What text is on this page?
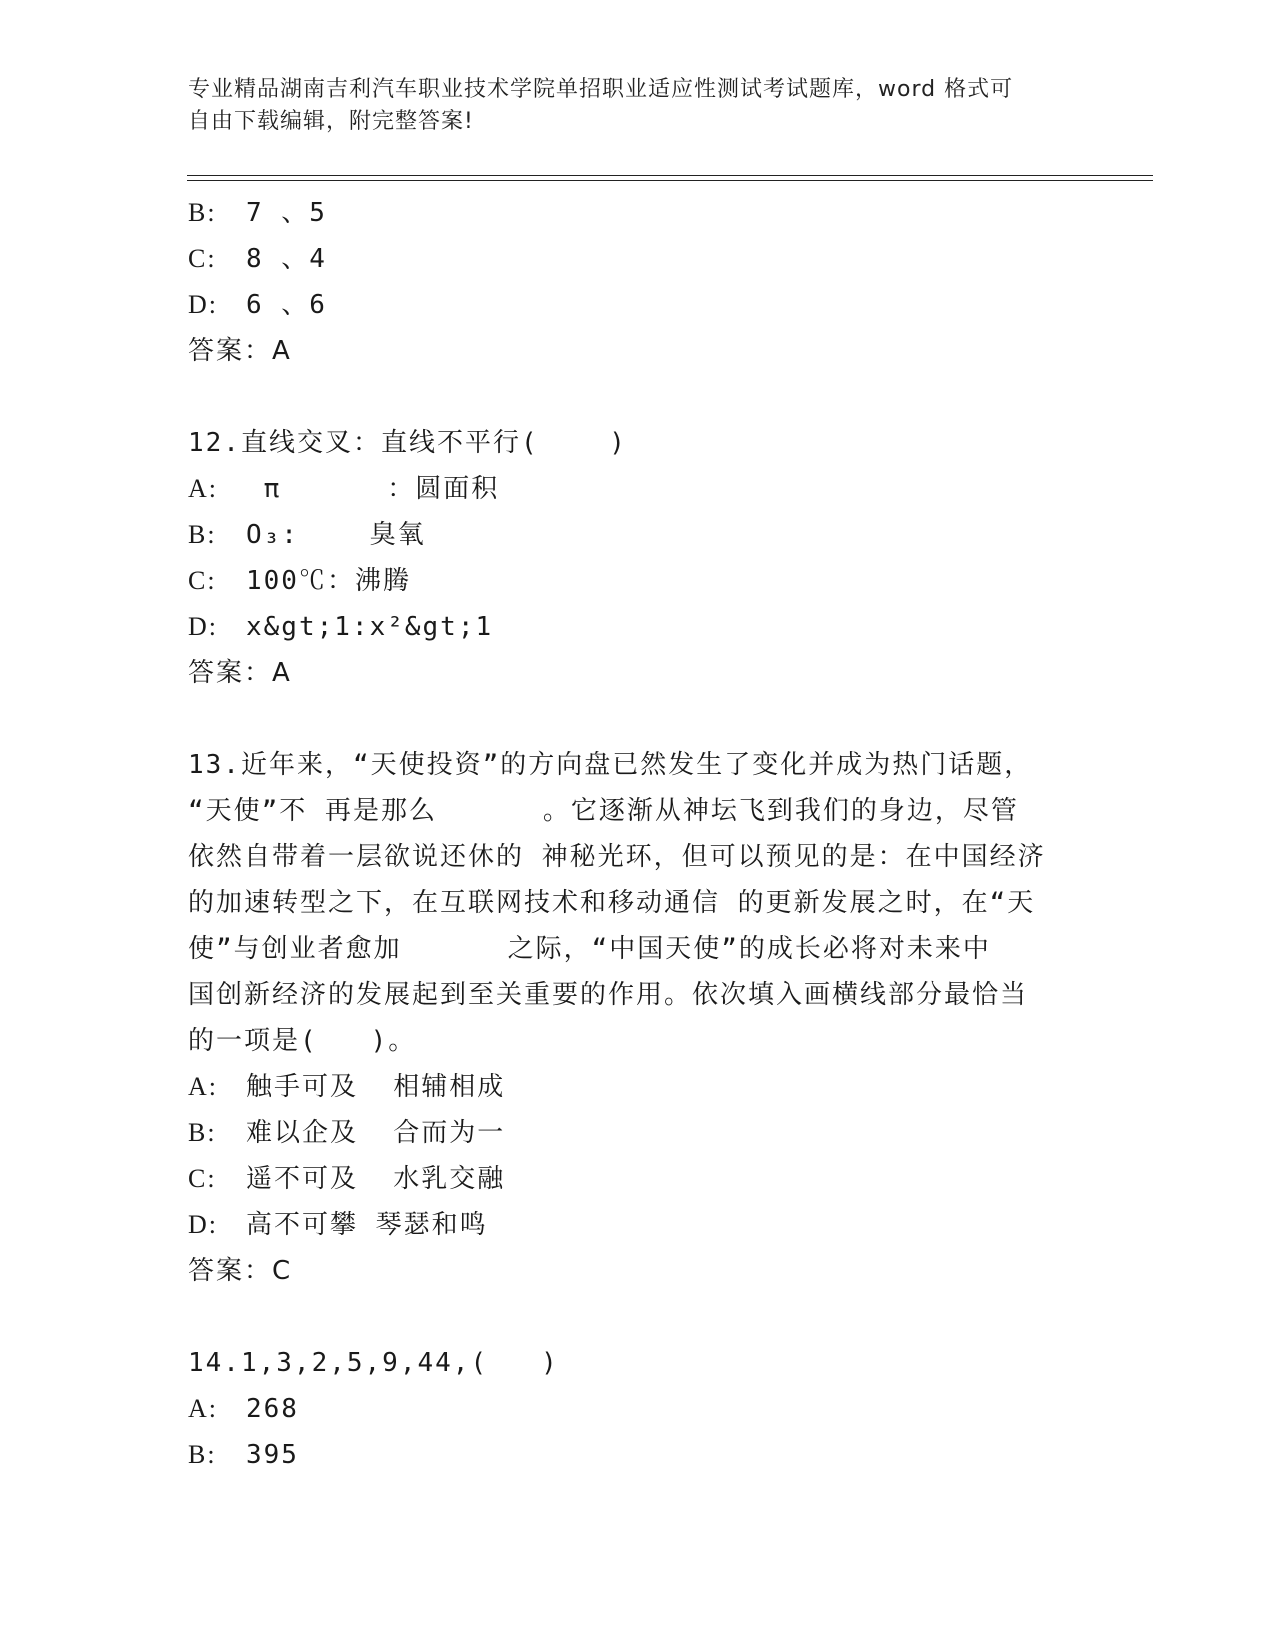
专业精品湖南吉利汽车职业技术学院单招职业适应性测试考试题库，word 格式可
自由下载编辑，附完整答案!
B: 7 、5
C: 8 、4
D: 6 、6
答案：A
12.直线交叉：直线不平行(    )
A: π      ：圆面积
B: O₃:    臭氧
C: 100℃：沸腾
D: x&gt;1:x²&gt;1
答案：A
13.近年来，“天使投资”的方向盘已然发生了变化并成为热门话题，
“天使”不 再是那么      。它逐渐从神坛飞到我们的身边，尽管
依然自带着一层欲说还休的 神秘光环，但可以预见的是：在中国经济
的加速转型之下，在互联网技术和移动通信 的更新发展之时，在“天
使”与创业者愈加      之际，“中国天使”的成长必将对未来中
国创新经济的发展起到至关重要的作用。依次填入画横线部分最恰当
的一项是(   )。
A: 触手可及  相辅相成
B: 难以企及  合而为一
C: 遥不可及  水乳交融
D: 高不可攀 琴瑟和鸣
答案：C
14.1,3,2,5,9,44,(   )
A: 268
B: 395
